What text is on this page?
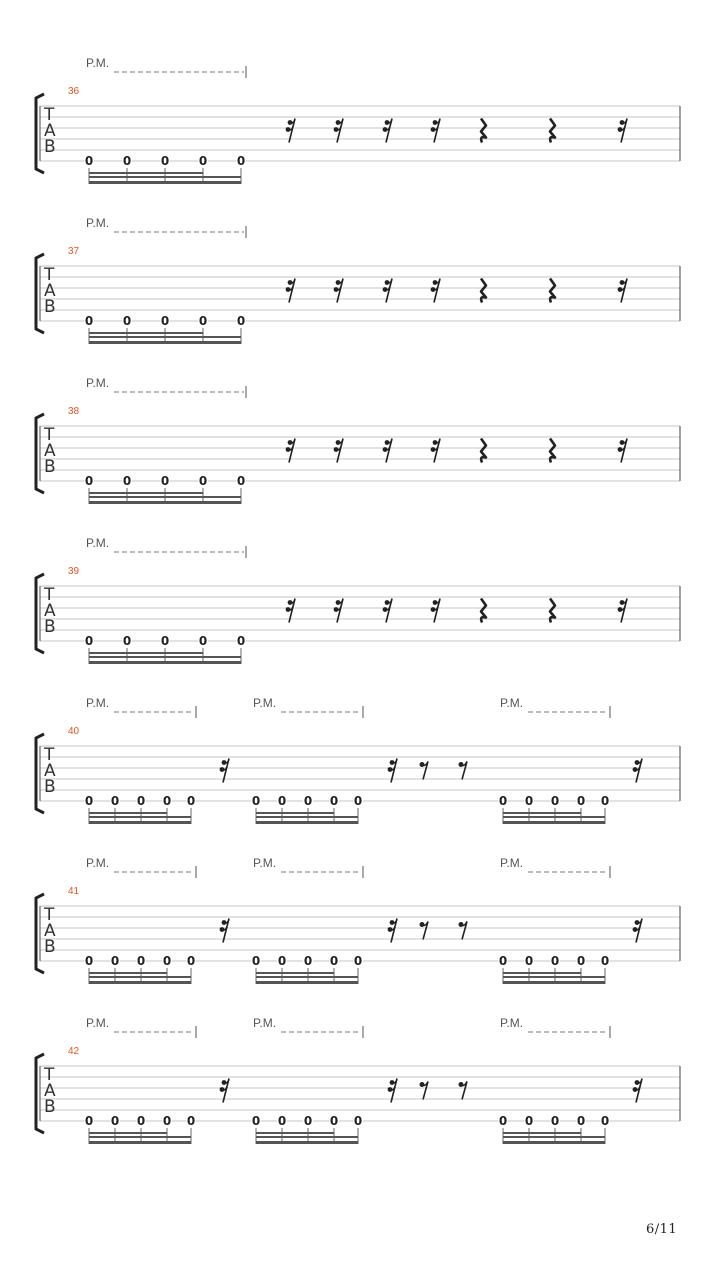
P.M.
36
T
A
B
0 0 0 0 0
P.M.
37
T
A
B
0 0 0 0 0
P.M.
38
T
A
B
0 0 0 0 0
P.M.
39
T
A
B
0 0 0 0 0
P.M.	P.M.	P.M.
40
T
A
B
0 0 0 0 0	0 0 0 0 0	0 0 0 0 0
P.M.	P.M.	P.M.
41
T
A
B
0 0 0 0 0	0 0 0 0 0	0 0 0 0 0
P.M.	P.M.	P.M.
42
T
A
B
0 0 0 0 0	0 0 0 0 0	0 0 0 0 0
6/11
